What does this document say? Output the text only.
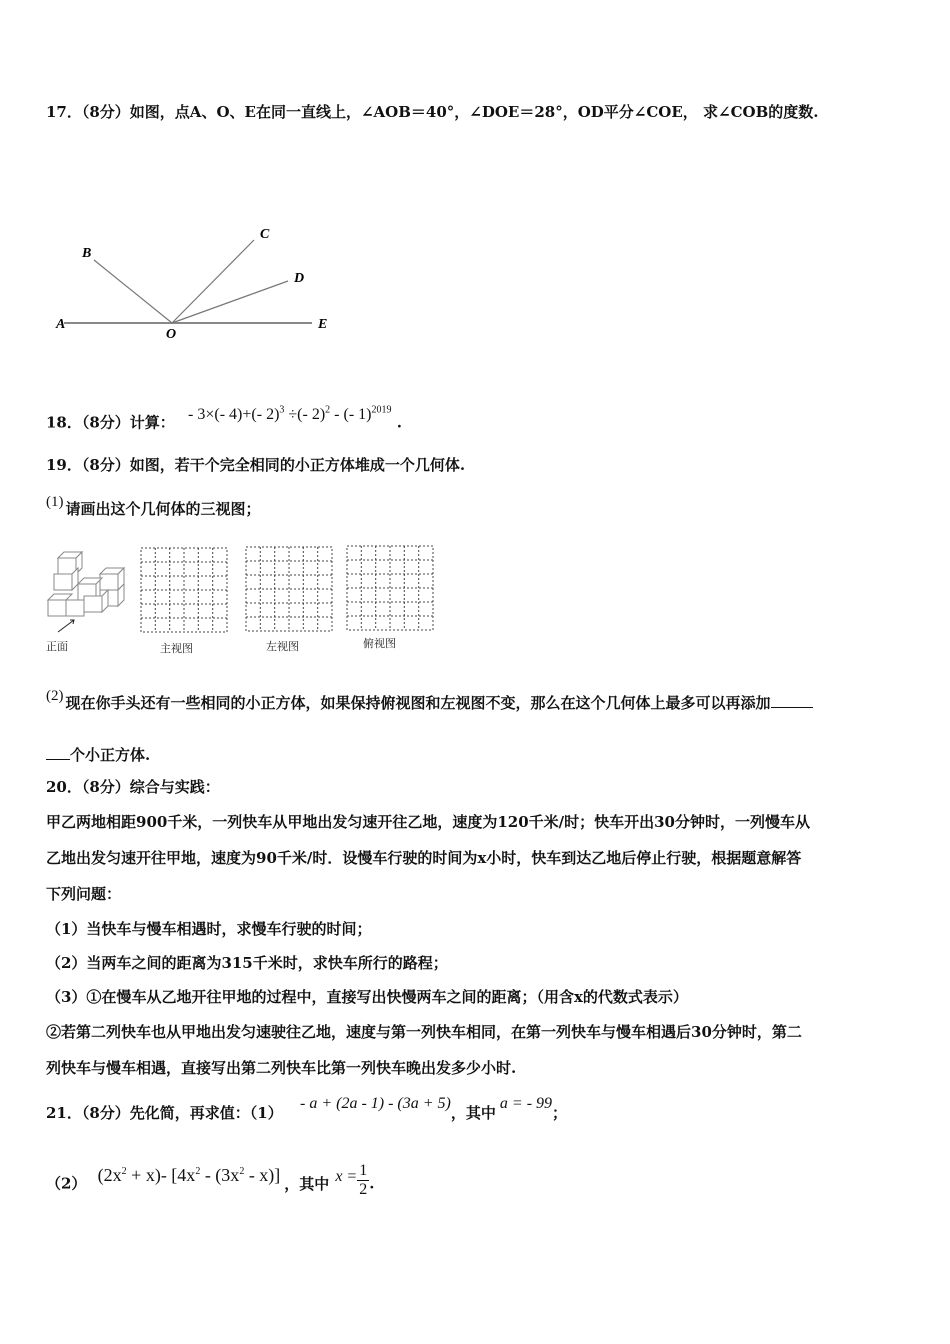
17．（8分）如图，点A、O、E在同一直线上，∠AOB＝40°，∠DOE＝28°，OD平分∠COE， 求∠COB的度数.
A
O
E
B
C
D
18．（8分）计算： - 3×(- 4)+(- 2)$^3$ ÷(- 2)$^2$ - (- 1)$^{2019}$ .
19．（8分）如图，若干个完全相同的小正方体堆成一个几何体.
(1) 请画出这个几何体的三视图；
正面	主视图	左视图	俯视图
(2) 现在你手头还有一些相同的小正方体，如果保持俯视图和左视图不变，那么在这个几何体上最多可以再添加
个小正方体.
20．（8分）综合与实践：
甲乙两地相距900千米，一列快车从甲地出发匀速开往乙地，速度为120千米/时；快车开出30分钟时，一列慢车从
乙地出发匀速开往甲地，速度为90千米/时．设慢车行驶的时间为x小时，快车到达乙地后停止行驶，根据题意解答
下列问题：
（1）当快车与慢车相遇时，求慢车行驶的时间；
（2）当两车之间的距离为315千米时，求快车所行的路程；
（3）①在慢车从乙地开往甲地的过程中，直接写出快慢两车之间的距离；（用含x的代数式表示）
②若第二列快车也从甲地出发匀速驶往乙地，速度与第一列快车相同，在第一列快车与慢车相遇后30分钟时，第二
列快车与慢车相遇，直接写出第二列快车比第一列快车晚出发多少小时.
21．（8分）先化简，再求值：（1） - a + (2a - 1) - (3a + 5)，其中a = - 99；
（2） $(2x^2 + x)-$ $[4x^2 - (3x^2 - x)]$ ，其中 $x = \frac{1}{2}$ .
